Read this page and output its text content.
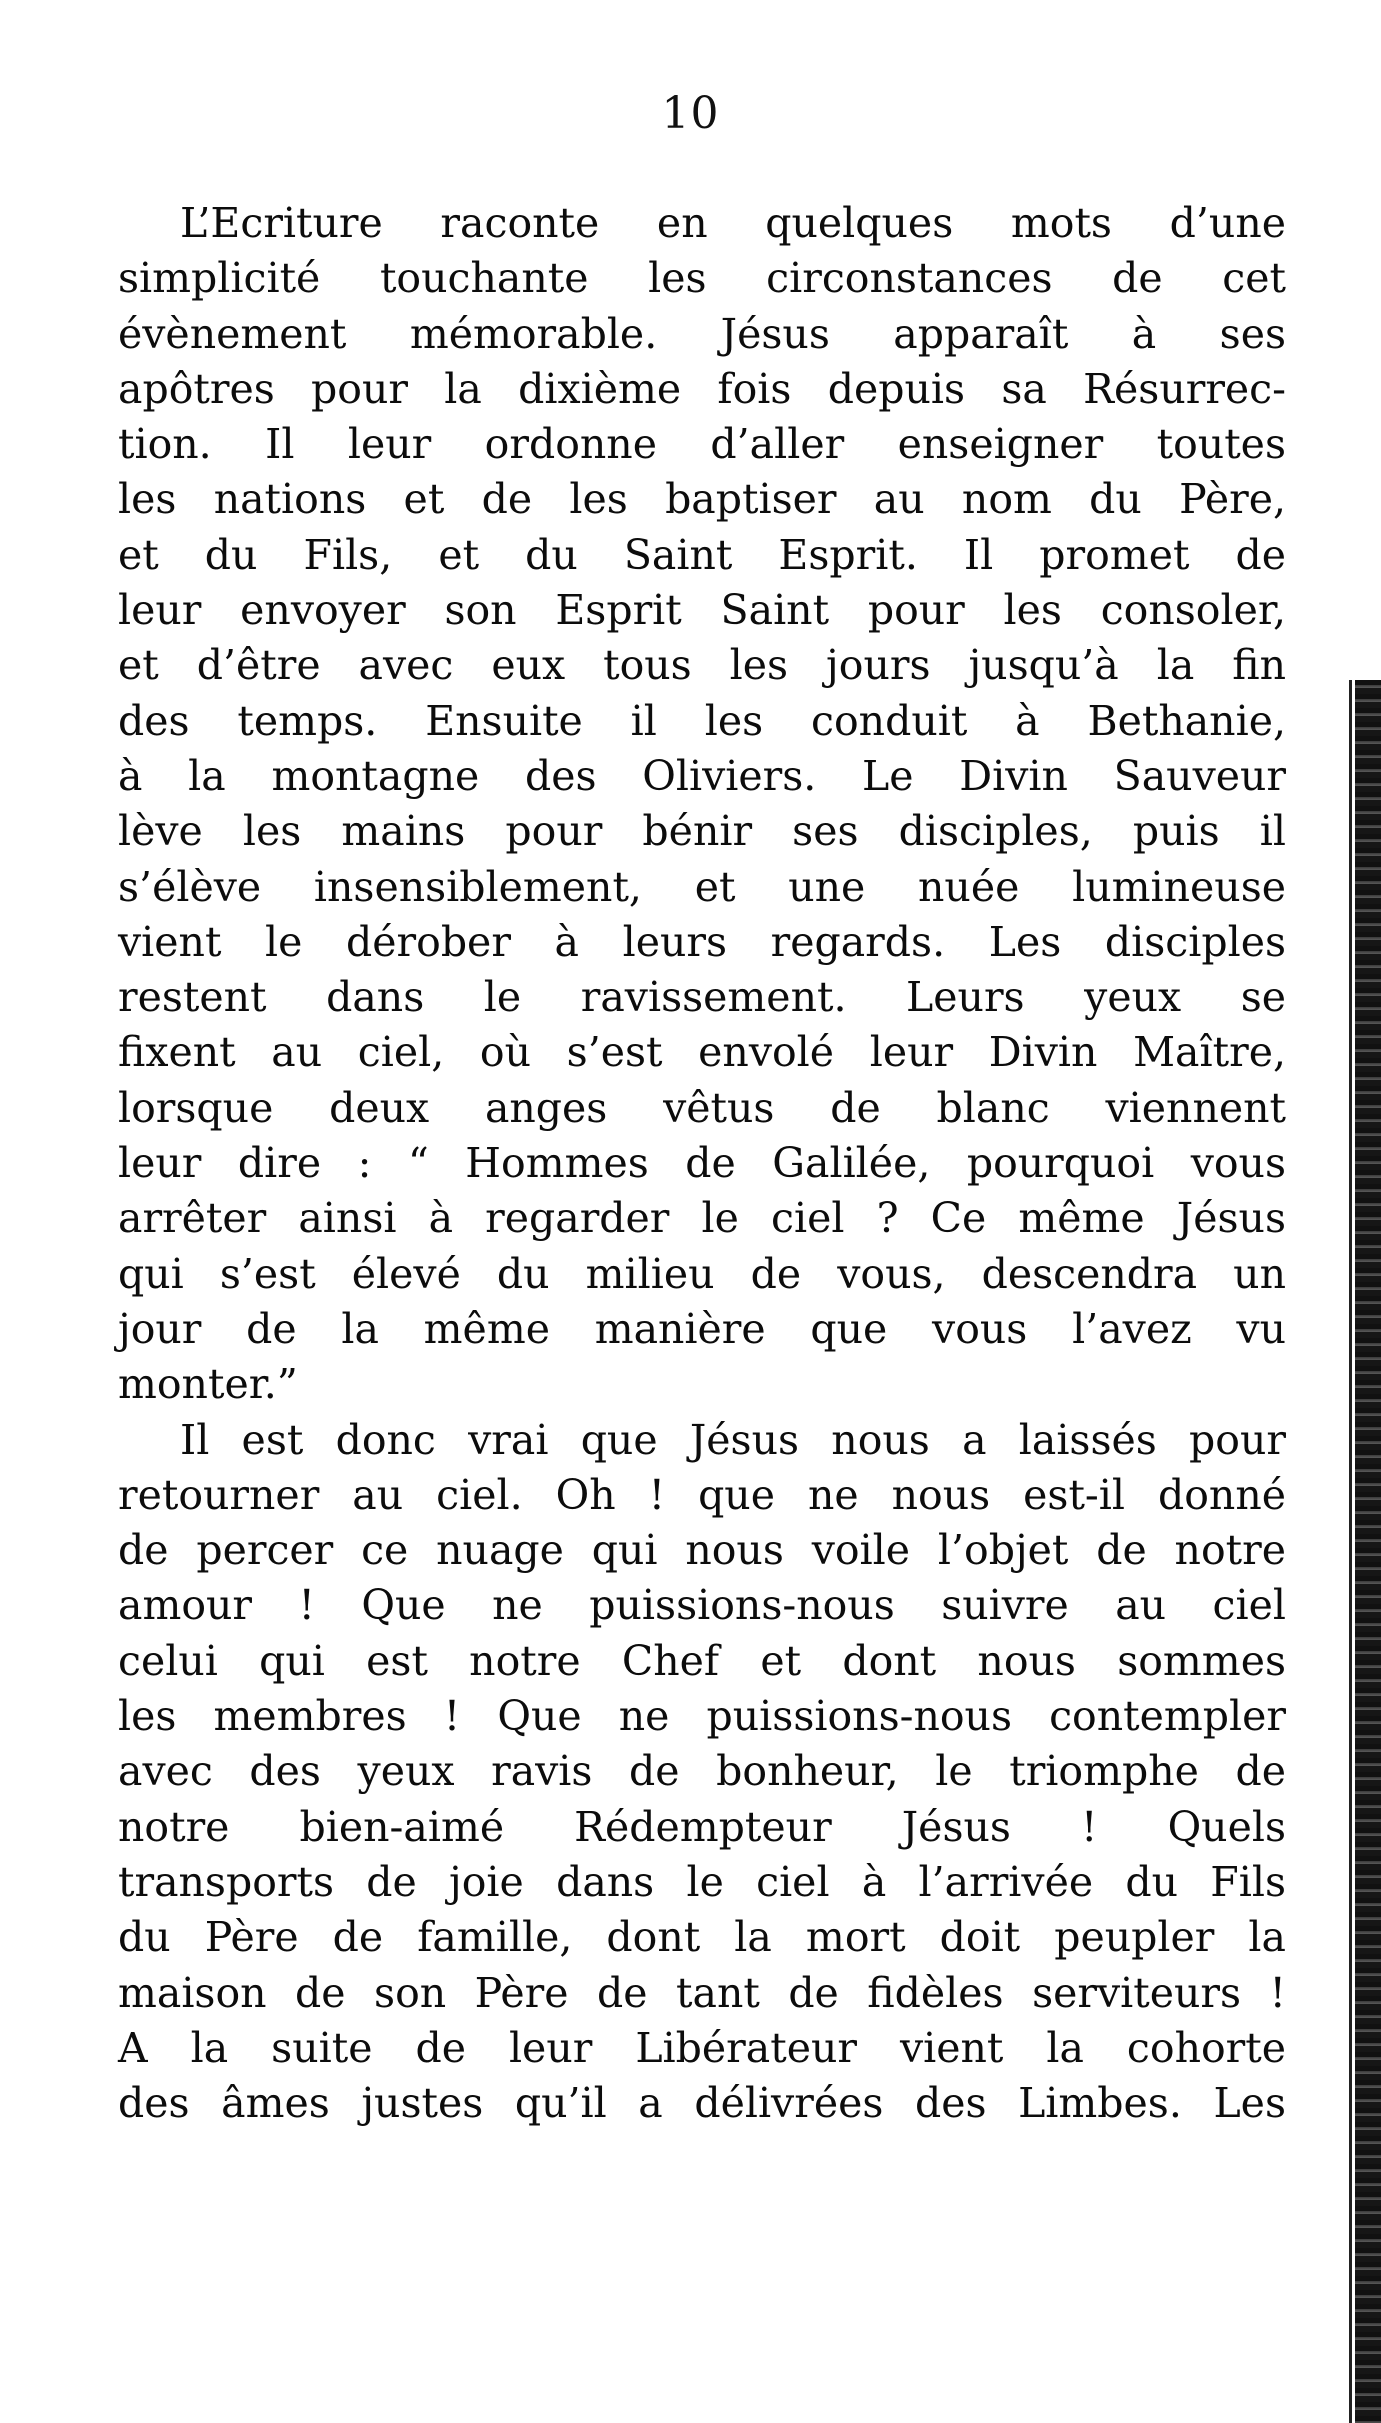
10
L’Ecriture raconte en quelques mots d’une
simplicité touchante les circonstances de cet
évènement mémorable. Jésus apparaît à ses
apôtres pour la dixième fois depuis sa Résurrec-
tion. Il leur ordonne d’aller enseigner toutes
les nations et de les baptiser au nom du Père,
et du Fils, et du Saint Esprit. Il promet de
leur envoyer son Esprit Saint pour les consoler,
et d’être avec eux tous les jours jusqu’à la fin
des temps. Ensuite il les conduit à Bethanie,
à la montagne des Oliviers. Le Divin Sauveur
lève les mains pour bénir ses disciples, puis il
s’élève insensiblement, et une nuée lumineuse
vient le dérober à leurs regards. Les disciples
restent dans le ravissement. Leurs yeux se
fixent au ciel, où s’est envolé leur Divin Maître,
lorsque deux anges vêtus de blanc viennent
leur dire : “ Hommes de Galilée, pourquoi vous
arrêter ainsi à regarder le ciel ? Ce même Jésus
qui s’est élevé du milieu de vous, descendra un
jour de la même manière que vous l’avez vu
monter.”
Il est donc vrai que Jésus nous a laissés pour
retourner au ciel. Oh ! que ne nous est-il donné
de percer ce nuage qui nous voile l’objet de notre
amour ! Que ne puissions-nous suivre au ciel
celui qui est notre Chef et dont nous sommes
les membres ! Que ne puissions-nous contempler
avec des yeux ravis de bonheur, le triomphe de
notre bien-aimé Rédempteur Jésus ! Quels
transports de joie dans le ciel à l’arrivée du Fils
du Père de famille, dont la mort doit peupler la
maison de son Père de tant de fidèles serviteurs !
A la suite de leur Libérateur vient la cohorte
des âmes justes qu’il a délivrées des Limbes. Les
